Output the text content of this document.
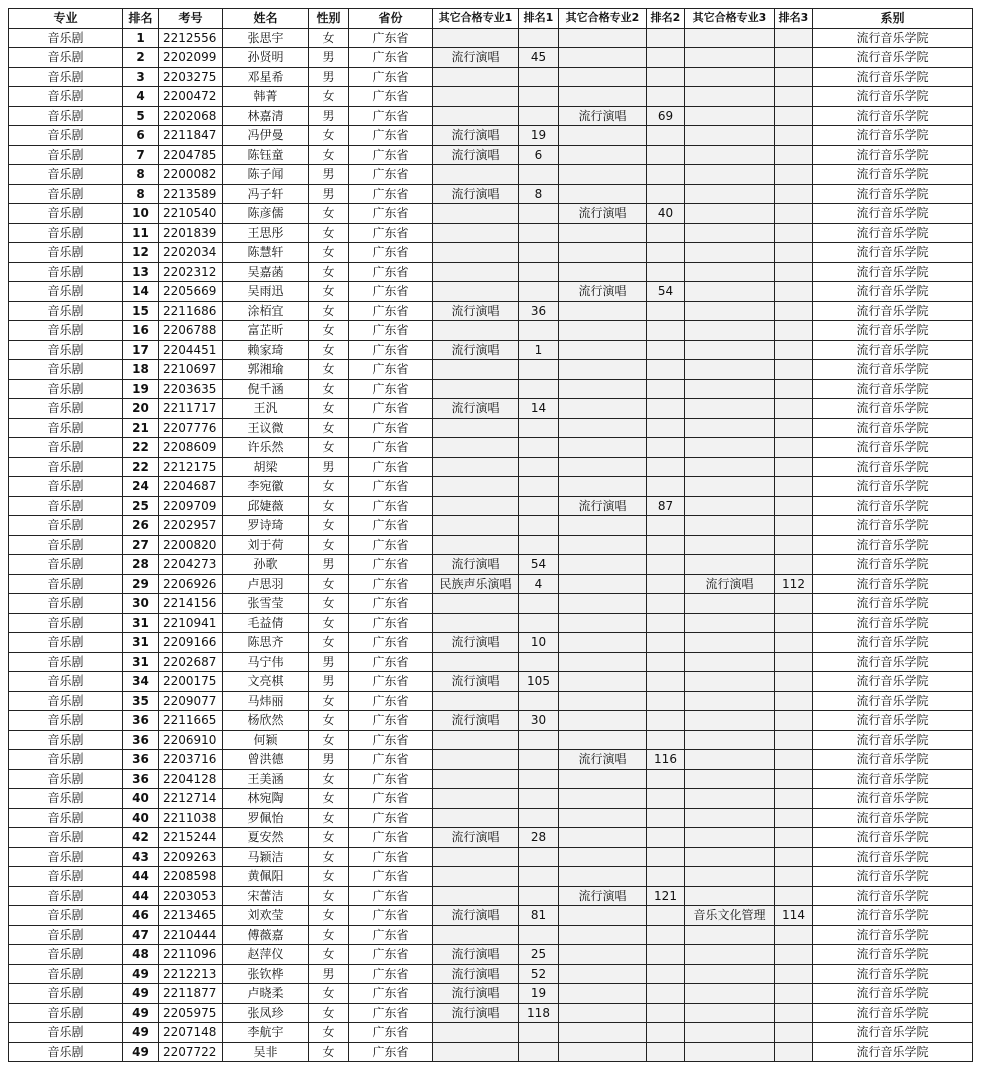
专业	排名	考号	姓名	性别	省份	其它合格专业1	排名1	其它合格专业2	排名2	其它合格专业3	排名3	系别
音乐剧	1	2212556	张思宇	女	广东省							流行音乐学院
音乐剧	2	2202099	孙贤明	男	广东省	流行演唱	45					流行音乐学院
音乐剧	3	2203275	邓星希	男	广东省							流行音乐学院
音乐剧	4	2200472	韩菁	女	广东省							流行音乐学院
音乐剧	5	2202068	林嘉清	男	广东省			流行演唱	69			流行音乐学院
音乐剧	6	2211847	冯伊曼	女	广东省	流行演唱	19					流行音乐学院
音乐剧	7	2204785	陈钰童	女	广东省	流行演唱	6					流行音乐学院
音乐剧	8	2200082	陈子闻	男	广东省							流行音乐学院
音乐剧	8	2213589	冯子轩	男	广东省	流行演唱	8					流行音乐学院
音乐剧	10	2210540	陈彦儒	女	广东省			流行演唱	40			流行音乐学院
音乐剧	11	2201839	王思彤	女	广东省							流行音乐学院
音乐剧	12	2202034	陈慧轩	女	广东省							流行音乐学院
音乐剧	13	2202312	吴嘉菡	女	广东省							流行音乐学院
音乐剧	14	2205669	吴雨迅	女	广东省			流行演唱	54			流行音乐学院
音乐剧	15	2211686	涂栢宜	女	广东省	流行演唱	36					流行音乐学院
音乐剧	16	2206788	富芷昕	女	广东省							流行音乐学院
音乐剧	17	2204451	赖家琦	女	广东省	流行演唱	1					流行音乐学院
音乐剧	18	2210697	郭湘瑜	女	广东省							流行音乐学院
音乐剧	19	2203635	倪千涵	女	广东省							流行音乐学院
音乐剧	20	2211717	王汎	女	广东省	流行演唱	14					流行音乐学院
音乐剧	21	2207776	王议微	女	广东省							流行音乐学院
音乐剧	22	2208609	许乐然	女	广东省							流行音乐学院
音乐剧	22	2212175	胡梁	男	广东省							流行音乐学院
音乐剧	24	2204687	李宛徽	女	广东省							流行音乐学院
音乐剧	25	2209709	邱婕薇	女	广东省			流行演唱	87			流行音乐学院
音乐剧	26	2202957	罗诗琦	女	广东省							流行音乐学院
音乐剧	27	2200820	刘于荷	女	广东省							流行音乐学院
音乐剧	28	2204273	孙歌	男	广东省	流行演唱	54					流行音乐学院
音乐剧	29	2206926	卢思羽	女	广东省	民族声乐演唱	4			流行演唱	112	流行音乐学院
音乐剧	30	2214156	张雪莹	女	广东省							流行音乐学院
音乐剧	31	2210941	毛益倩	女	广东省							流行音乐学院
音乐剧	31	2209166	陈思齐	女	广东省	流行演唱	10					流行音乐学院
音乐剧	31	2202687	马宁伟	男	广东省							流行音乐学院
音乐剧	34	2200175	文亮棋	男	广东省	流行演唱	105					流行音乐学院
音乐剧	35	2209077	马炜丽	女	广东省							流行音乐学院
音乐剧	36	2211665	杨欣然	女	广东省	流行演唱	30					流行音乐学院
音乐剧	36	2206910	何颖	女	广东省							流行音乐学院
音乐剧	36	2203716	曾洪德	男	广东省			流行演唱	116			流行音乐学院
音乐剧	36	2204128	王美涵	女	广东省							流行音乐学院
音乐剧	40	2212714	林宛陶	女	广东省							流行音乐学院
音乐剧	40	2211038	罗佩怡	女	广东省							流行音乐学院
音乐剧	42	2215244	夏安然	女	广东省	流行演唱	28					流行音乐学院
音乐剧	43	2209263	马颖洁	女	广东省							流行音乐学院
音乐剧	44	2208598	黄佩阳	女	广东省							流行音乐学院
音乐剧	44	2203053	宋蕾洁	女	广东省			流行演唱	121			流行音乐学院
音乐剧	46	2213465	刘欢莹	女	广东省	流行演唱	81			音乐文化管理	114	流行音乐学院
音乐剧	47	2210444	傅薇嘉	女	广东省							流行音乐学院
音乐剧	48	2211096	赵萍仪	女	广东省	流行演唱	25					流行音乐学院
音乐剧	49	2212213	张钦桦	男	广东省	流行演唱	52					流行音乐学院
音乐剧	49	2211877	卢晓柔	女	广东省	流行演唱	19					流行音乐学院
音乐剧	49	2205975	张凤珍	女	广东省	流行演唱	118					流行音乐学院
音乐剧	49	2207148	李航宇	女	广东省							流行音乐学院
音乐剧	49	2207722	吴非	女	广东省							流行音乐学院
